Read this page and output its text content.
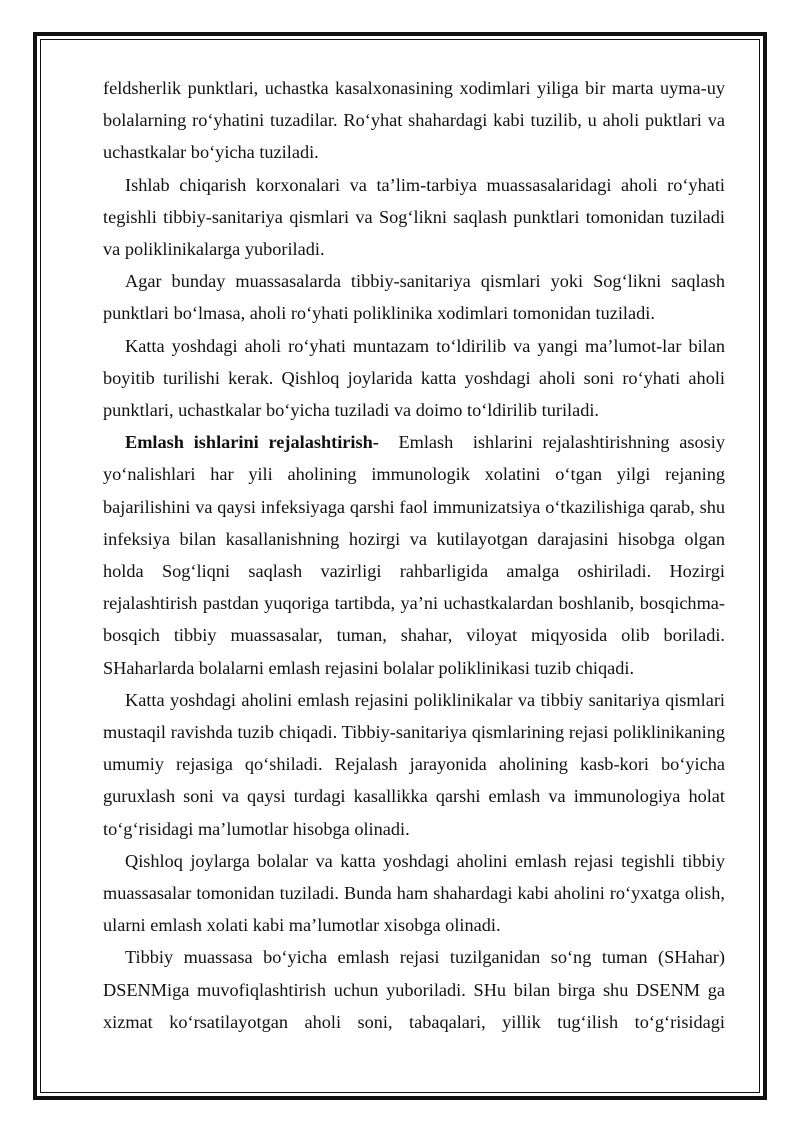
feldsherlik punktlari, uchastka kasalxonasining xodimlari yiliga bir marta uyma-uy bolalarning ro‘yhatini tuzadilar. Ro‘yhat shahardagi kabi tuzilib, u aholi puktlari va uchastkalar bo‘yicha tuziladi.

Ishlab chiqarish korxonalari va ta’lim-tarbiya muassasalaridagi aholi ro‘yhati tegishli tibbiy-sanitariya qismlari va Sog‘likni saqlash punktlari tomonidan tuziladi va poliklinikalarga yuboriladi.

Agar bunday muassasalarda tibbiy-sanitariya qismlari yoki Sog‘likni saqlash punktlari bo‘lmasa, aholi ro‘yhati poliklinika xodimlari tomonidan tuziladi.

Katta yoshdagi aholi ro‘yhati muntazam to‘ldirilib va yangi ma’lumot-lar bilan boyitib turilishi kerak. Qishloq joylarida katta yoshdagi aholi soni ro‘yhati aholi punktlari, uchastkalar bo‘yicha tuziladi va doimo to‘ldirilib turiladi.

Emlash ishlarini rejalashtirish-  Emlash  ishlarini rejalashtirishning asosiy yo‘nalishlari har yili aholining immunologik xolatini o‘tgan yilgi rejaning bajarilishini va qaysi infeksiyaga qarshi faol immunizatsiya o‘tkazilishiga qarab, shu infeksiya bilan kasallanishning hozirgi va kutilayotgan darajasini hisobga olgan holda Sog‘liqni saqlash vazirligi rahbarligida amalga oshiriladi. Hozirgi rejalashtirish pastdan yuqoriga tartibda, ya’ni uchastkalardan boshlanib, bosqichma-bosqich tibbiy muassasalar, tuman, shahar, viloyat miqyosida olib boriladi. SHaharlarda bolalarni emlash rejasini bolalar poliklinikasi tuzib chiqadi.

Katta yoshdagi aholini emlash rejasini poliklinikalar va tibbiy sanitariya qismlari mustaqil ravishda tuzib chiqadi. Tibbiy-sanitariya qismlarining rejasi poliklinikaning umumiy rejasiga qo‘shiladi. Rejalash jarayonida aholining kasb-kori bo‘yicha guruxlash soni va qaysi turdagi kasallikka qarshi emlash va immunologiya holat to‘g‘risidagi ma’lumotlar hisobga olinadi.

Qishloq joylarga bolalar va katta yoshdagi aholini emlash rejasi tegishli tibbiy muassasalar tomonidan tuziladi. Bunda ham shahardagi kabi aholini ro‘yxatga olish, ularni emlash xolati kabi ma’lumotlar xisobga olinadi.

Tibbiy muassasa bo‘yicha emlash rejasi tuzilganidan so‘ng tuman (SHahar) DSENMiga muvofiqlashtirish uchun yuboriladi. SHu bilan birga shu DSENM ga xizmat ko‘rsatilayotgan aholi soni, tabaqalari, yillik tug‘ilish to‘g‘risidagi
